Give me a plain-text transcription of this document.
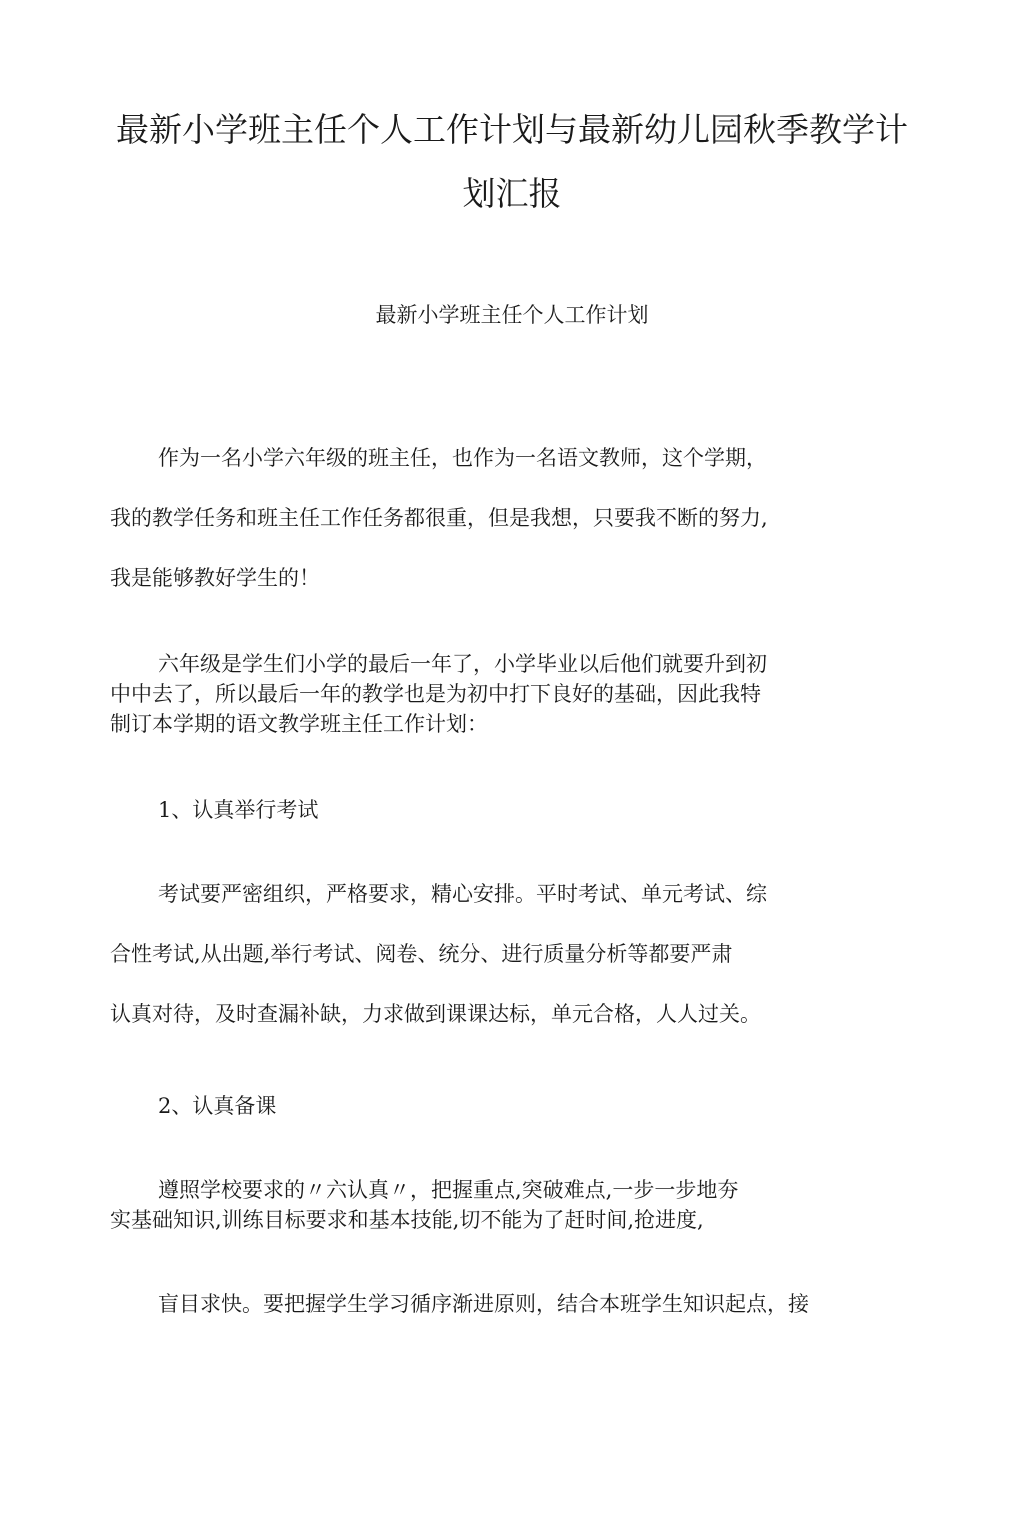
最新小学班主任个人工作计划与最新幼儿园秋季教学计
划汇报
最新小学班主任个人工作计划
作为一名小学六年级的班主任，也作为一名语文教师，这个学期，
我的教学任务和班主任工作任务都很重，但是我想，只要我不断的努力,
我是能够教好学生的！
六年级是学生们小学的最后一年了，小学毕业以后他们就要升到初
中中去了，所以最后一年的教学也是为初中打下良好的基础，因此我特
制订本学期的语文教学班主任工作计划：
1、认真举行考试
考试要严密组织，严格要求，精心安排。平时考试、单元考试、综
合性考试,从出题,举行考试、阅卷、统分、进行质量分析等都要严肃
认真对待，及时查漏补缺，力求做到课课达标，单元合格，人人过关。
2、认真备课
遵照学校要求的〃六认真〃，把握重点,突破难点,一步一步地夯
实基础知识,训练目标要求和基本技能,切不能为了赶时间,抢进度,
盲目求快。要把握学生学习循序渐进原则，结合本班学生知识起点，接
